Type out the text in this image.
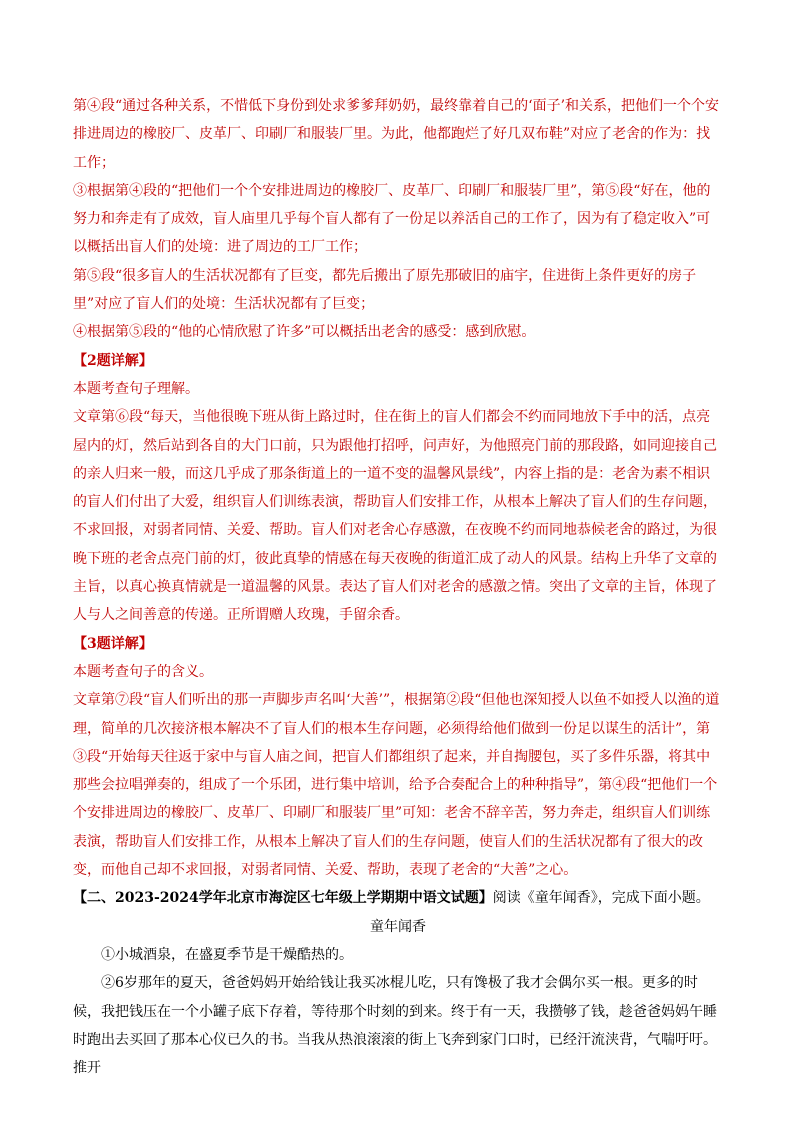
第④段“通过各种关系，不惜低下身份到处求爹爹拜奶奶，最终靠着自己的‘面子’和关系，把他们一个个安排进周边的橡胶厂、皮革厂、印刷厂和服装厂里。为此，他都跑烂了好几双布鞋”对应了老舍的作为：找工作；

③根据第④段的“把他们一个个安排进周边的橡胶厂、皮革厂、印刷厂和服装厂里”，第⑤段“好在，他的努力和奔走有了成效，盲人庙里几乎每个盲人都有了一份足以养活自己的工作了，因为有了稳定收入”可以概括出盲人们的处境：进了周边的工厂工作；

第⑤段“很多盲人的生活状况都有了巨变，都先后搬出了原先那破旧的庙宇，住进街上条件更好的房子里”对应了盲人们的处境：生活状况都有了巨变；

④根据第⑤段的“他的心情欣慰了许多”可以概括出老舍的感受：感到欣慰。

【2题详解】

本题考查句子理解。

文章第⑥段“每天，当他很晚下班从街上路过时，住在街上的盲人们都会不约而同地放下手中的活，点亮屋内的灯，然后站到各自的大门口前，只为跟他打招呼，问声好，为他照亮门前的那段路，如同迎接自己的亲人归来一般，而这几乎成了那条街道上的一道不变的温馨风景线”，内容上指的是：老舍为素不相识的盲人们付出了大爱，组织盲人们训练表演，帮助盲人们安排工作，从根本上解决了盲人们的生存问题，不求回报，对弱者同情、关爱、帮助。盲人们对老舍心存感激，在夜晚不约而同地恭候老舍的路过，为很晚下班的老舍点亮门前的灯，彼此真挚的情感在每天夜晚的街道汇成了动人的风景。结构上升华了文章的主旨，以真心换真情就是一道温馨的风景。表达了盲人们对老舍的感激之情。突出了文章的主旨，体现了人与人之间善意的传递。正所谓赠人玫瑰，手留余香。

【3题详解】

本题考查句子的含义。

文章第⑦段“盲人们听出的那一声脚步声名叫‘大善’”，根据第②段“但他也深知授人以鱼不如授人以渔的道理，简单的几次接济根本解决不了盲人们的根本生存问题，必须得给他们做到一份足以谋生的活计”，第③段“开始每天往返于家中与盲人庙之间，把盲人们都组织了起来，并自掏腰包，买了多件乐器，将其中那些会拉唱弹奏的，组成了一个乐团，进行集中培训，给予合奏配合上的种种指导”，第④段“把他们一个个安排进周边的橡胶厂、皮革厂、印刷厂和服装厂里”可知：老舍不辞辛苦，努力奔走，组织盲人们训练表演，帮助盲人们安排工作，从根本上解决了盲人们的生存问题，使盲人们的生活状况都有了很大的改变，而他自己却不求回报，对弱者同情、关爱、帮助，表现了老舍的“大善”之心。

【二、2023-2024学年北京市海淀区七年级上学期期中语文试题】阅读《童年闻香》，完成下面小题。

童年闻香

①小城酒泉，在盛夏季节是干燥酷热的。

②6岁那年的夏天，爸爸妈妈开始给钱让我买冰棍儿吃，只有馋极了我才会偶尔买一根。更多的时候，我把钱压在一个小罐子底下存着，等待那个时刻的到来。终于有一天，我攒够了钱，趁爸爸妈妈午睡时跑出去买回了那本心仪已久的书。当我从热浪滚滚的街上飞奔到家门口时，已经汗流浃背，气喘吁吁。推开
